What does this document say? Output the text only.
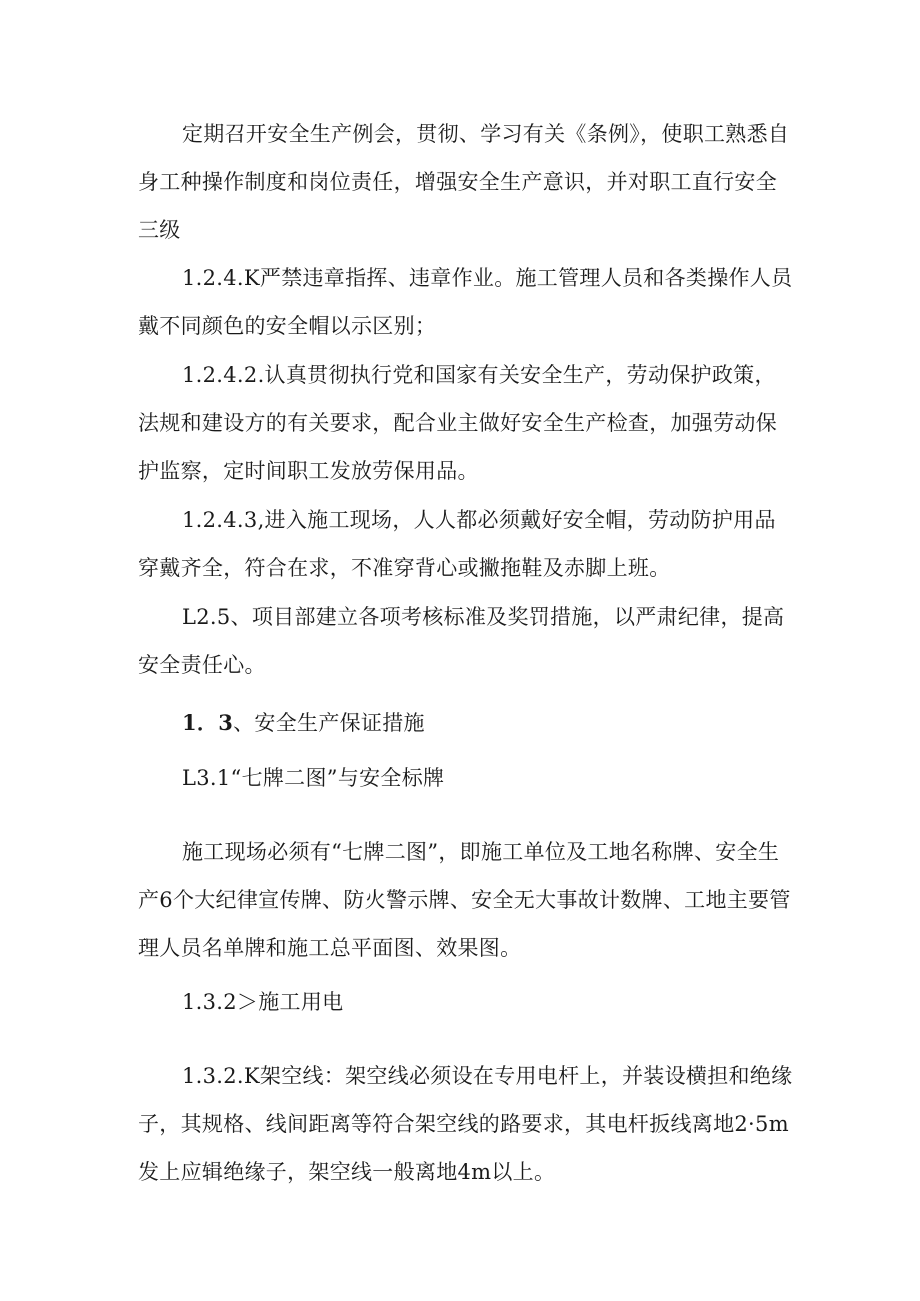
定期召开安全生产例会，贯彻、学习有关《条例》，使职工熟悉自身工种操作制度和岗位责任，增强安全生产意识，并对职工直行安全三级

1.2.4.K严禁违章指挥、违章作业。施工管理人员和各类操作人员戴不同颜色的安全帽以示区别；

1.2.4.2.认真贯彻执行党和国家有关安全生产，劳动保护政策，法规和建设方的有关要求，配合业主做好安全生产检查，加强劳动保护监察，定时间职工发放劳保用品。

1.2.4.3,进入施工现场，人人都必须戴好安全帽，劳动防护用品穿戴齐全，符合在求，不准穿背心或撇拖鞋及赤脚上班。

L2.5、项目部建立各项考核标准及奖罚措施，以严肃纪律，提高安全责任心。

1．3、安全生产保证措施

L3.1“七牌二图”与安全标牌

施工现场必须有“七牌二图”，即施工单位及工地名称牌、安全生产6个大纪律宣传牌、防火警示牌、安全无大事故计数牌、工地主要管理人员名单牌和施工总平面图、效果图。

1.3.2＞施工用电

1.3.2.K架空线：架空线必须设在专用电杆上，并装设横担和绝缘子，其规格、线间距离等符合架空线的路要求，其电杆扳线离地2·5m发上应辑绝缘子，架空线一般离地4m以上。
